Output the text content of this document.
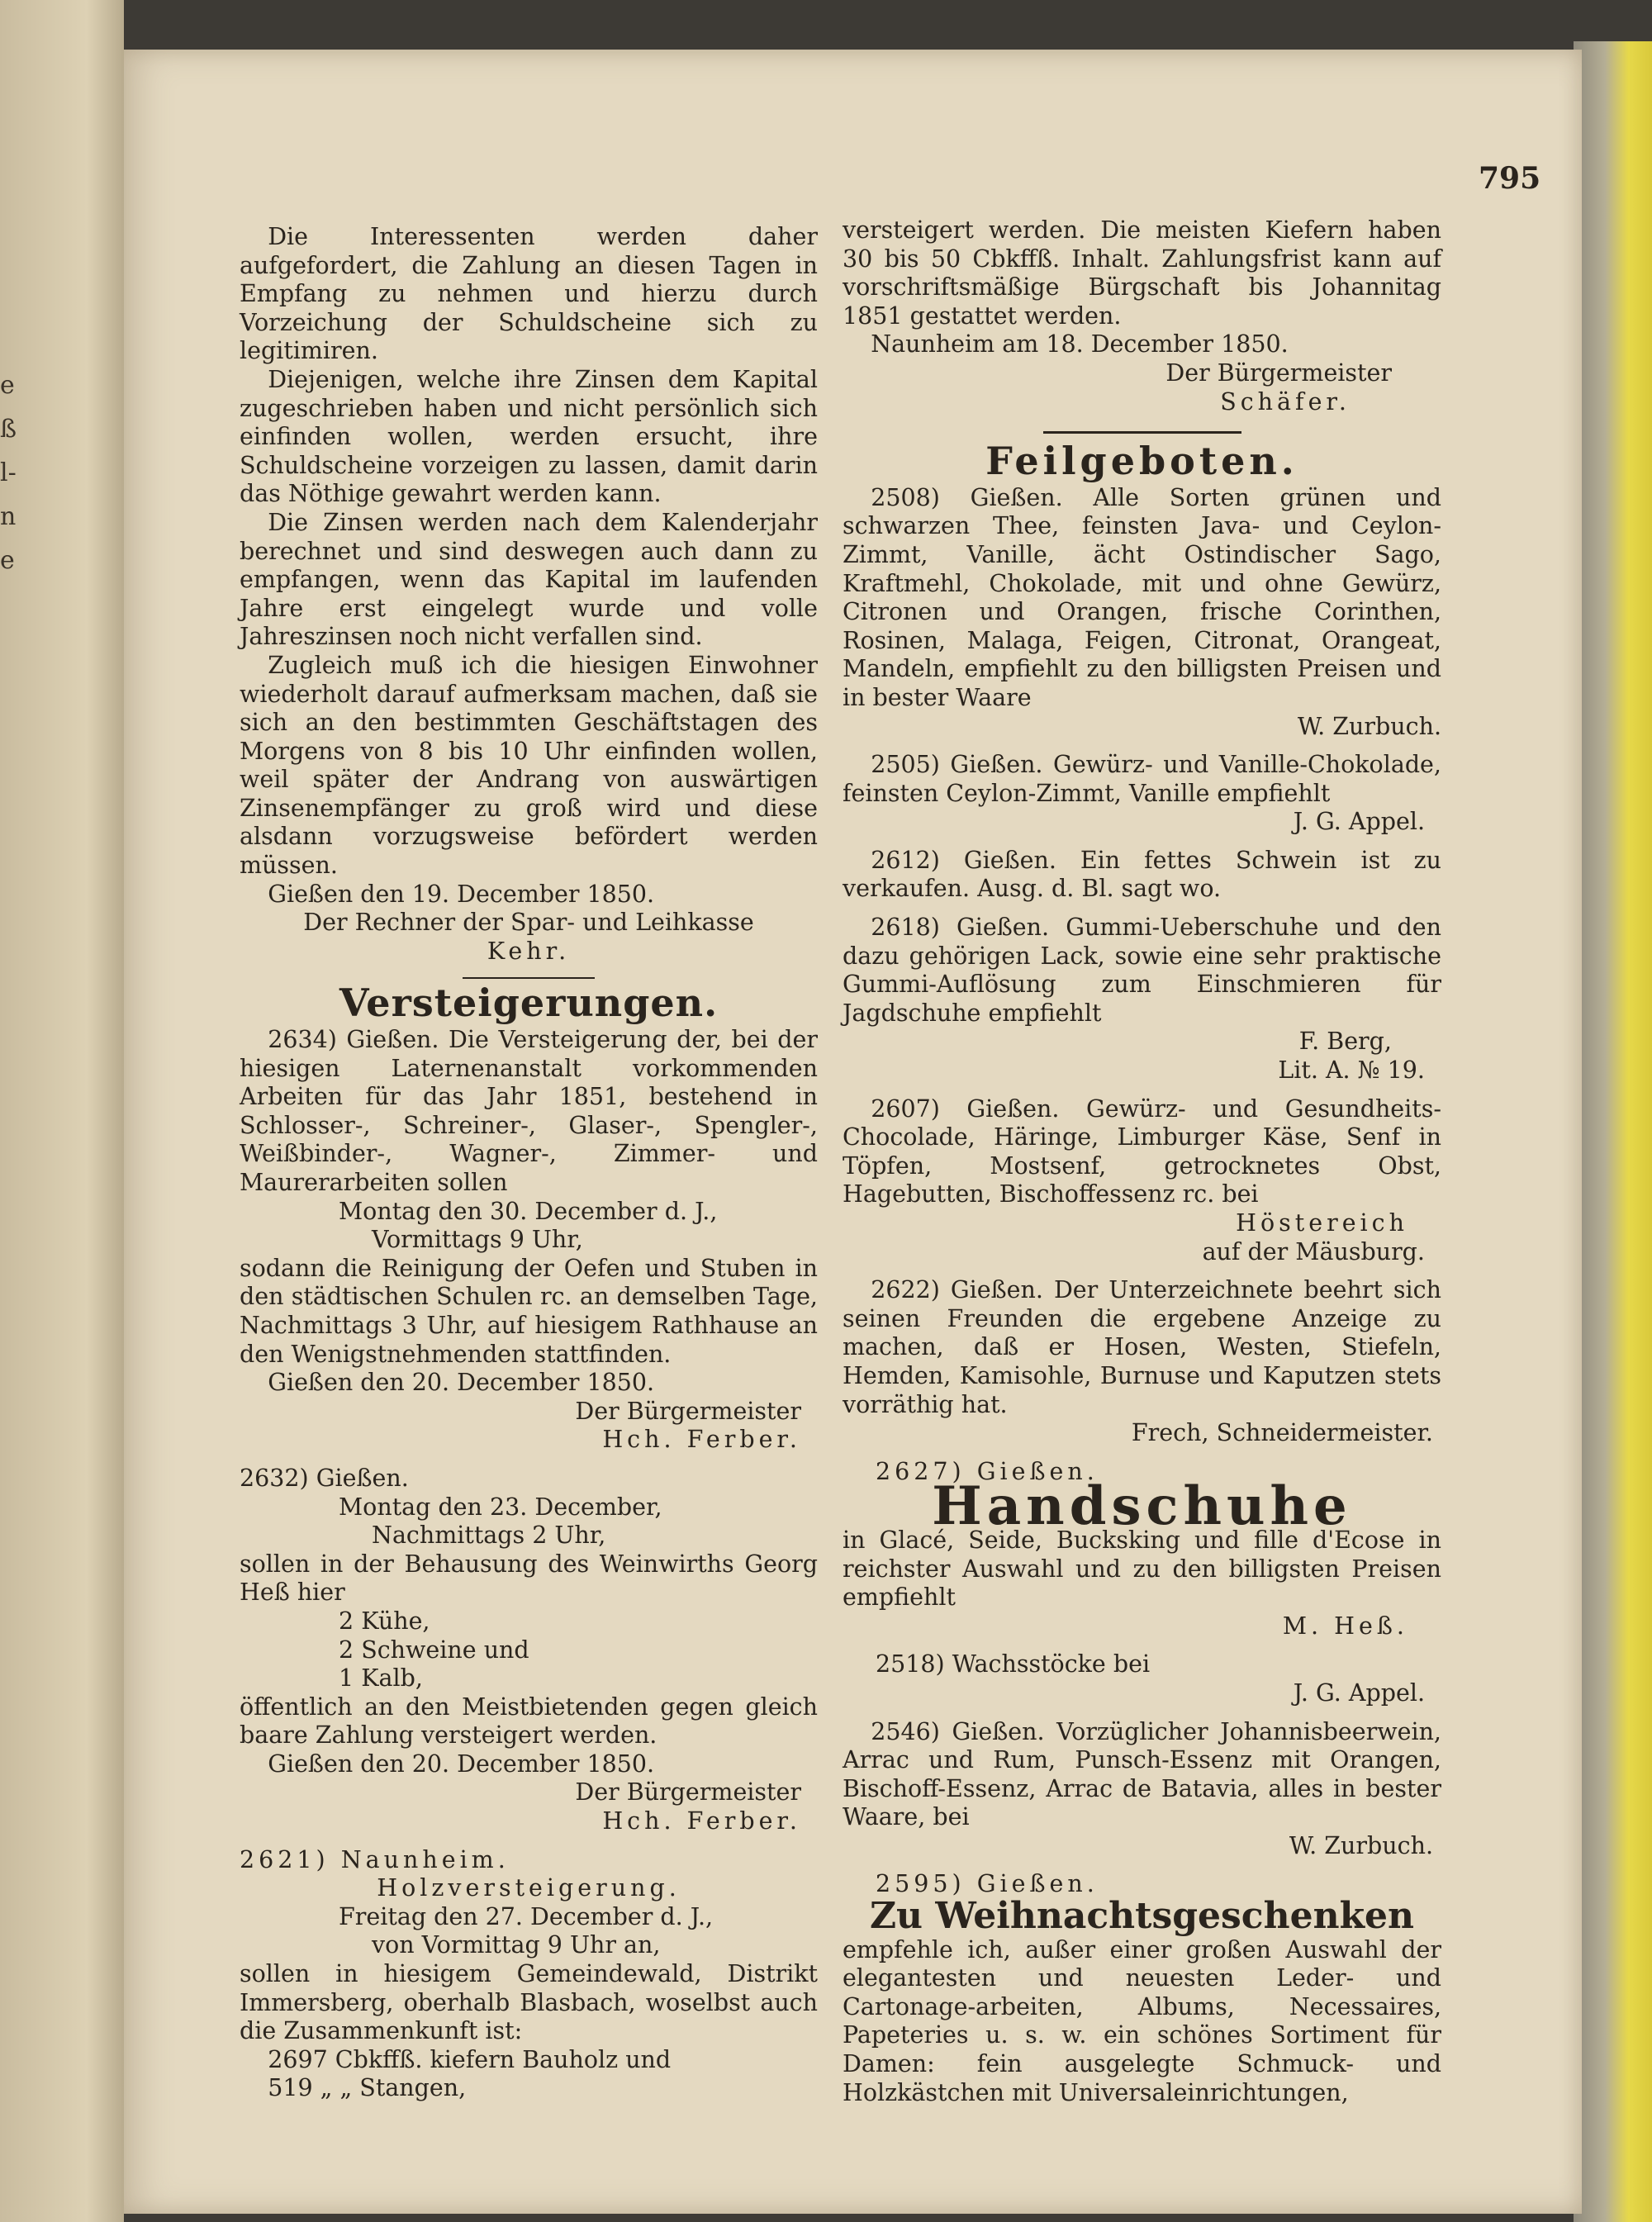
e
ß
l-
n
e
795

Die Interessenten werden daher aufgefordert, die Zahlung an diesen Tagen in Empfang zu nehmen und hierzu durch Vorzeichung der Schuldscheine sich zu legitimiren.

Diejenigen, welche ihre Zinsen dem Kapital zugeschrieben haben und nicht persönlich sich einfinden wollen, werden ersucht, ihre Schuldscheine vorzeigen zu lassen, damit darin das Nöthige gewahrt werden kann.

Die Zinsen werden nach dem Kalenderjahr berechnet und sind deswegen auch dann zu empfangen, wenn das Kapital im laufenden Jahre erst eingelegt wurde und volle Jahreszinsen noch nicht verfallen sind.

Zugleich muß ich die hiesigen Einwohner wiederholt darauf aufmerksam machen, daß sie sich an den bestimmten Geschäftstagen des Morgens von 8 bis 10 Uhr einfinden wollen, weil später der Andrang von auswärtigen Zinsenempfänger zu groß wird und diese alsdann vorzugsweise befördert werden müssen.

Gießen den 19. December 1850.

Der Rechner der Spar- und Leihkasse

Kehr.

Versteigerungen.

2634) Gießen. Die Versteigerung der, bei der hiesigen Laternenanstalt vorkommenden Arbeiten für das Jahr 1851, bestehend in Schlosser-, Schreiner-, Glaser-, Spengler-, Weißbinder-, Wagner-, Zimmer- und Maurerarbeiten sollen

Montag den 30. December d. J.,

Vormittags 9 Uhr,

sodann die Reinigung der Oefen und Stuben in den städtischen Schulen rc. an demselben Tage, Nachmittags 3 Uhr, auf hiesigem Rathhause an den Wenigstnehmenden stattfinden.

Gießen den 20. December 1850.

Der Bürgermeister

Hch. Ferber.

2632) Gießen.

Montag den 23. December,

Nachmittags 2 Uhr,

sollen in der Behausung des Weinwirths Georg Heß hier

2 Kühe,

2 Schweine und

1 Kalb,

öffentlich an den Meistbietenden gegen gleich baare Zahlung versteigert werden.

Gießen den 20. December 1850.

Der Bürgermeister

Hch. Ferber.

2621) Naunheim.

Holzversteigerung.

Freitag den 27. December d. J.,

von Vormittag 9 Uhr an,

sollen in hiesigem Gemeindewald, Distrikt Immersberg, oberhalb Blasbach, woselbst auch die Zusammenkunft ist:

2697 Cbkffß. kiefern Bauholz und

519 „ „ Stangen,

versteigert werden. Die meisten Kiefern haben 30 bis 50 Cbkffß. Inhalt. Zahlungsfrist kann auf vorschriftsmäßige Bürgschaft bis Johannitag 1851 gestattet werden.

Naunheim am 18. December 1850.

Der Bürgermeister

Schäfer.

Feilgeboten.

2508) Gießen. Alle Sorten grünen und schwarzen Thee, feinsten Java- und Ceylon-Zimmt, Vanille, ächt Ostindischer Sago, Kraftmehl, Chokolade, mit und ohne Gewürz, Citronen und Orangen, frische Corinthen, Rosinen, Malaga, Feigen, Citronat, Orangeat, Mandeln, empfiehlt zu den billigsten Preisen und in bester Waare

W. Zurbuch.

2505) Gießen. Gewürz- und Vanille-Chokolade, feinsten Ceylon-Zimmt, Vanille empfiehlt

J. G. Appel.

2612) Gießen. Ein fettes Schwein ist zu verkaufen. Ausg. d. Bl. sagt wo.

2618) Gießen. Gummi-Ueberschuhe und den dazu gehörigen Lack, sowie eine sehr praktische Gummi-Auflösung zum Einschmieren für Jagdschuhe empfiehlt

F. Berg,

Lit. A. № 19.

2607) Gießen. Gewürz- und Gesundheits-Chocolade, Häringe, Limburger Käse, Senf in Töpfen, Mostsenf, getrocknetes Obst, Hagebutten, Bischoffessenz rc. bei

Höstereich

auf der Mäusburg.

2622) Gießen. Der Unterzeichnete beehrt sich seinen Freunden die ergebene Anzeige zu machen, daß er Hosen, Westen, Stiefeln, Hemden, Kamisohle, Burnuse und Kaputzen stets vorräthig hat.

Frech, Schneidermeister.

2627) Gießen.

Handschuhe

in Glacé, Seide, Bucksking und fille d'Ecose in reichster Auswahl und zu den billigsten Preisen empfiehlt

M. Heß.

2518) Wachsstöcke bei

J. G. Appel.

2546) Gießen. Vorzüglicher Johannisbeerwein, Arrac und Rum, Punsch-Essenz mit Orangen, Bischoff-Essenz, Arrac de Batavia, alles in bester Waare, bei

W. Zurbuch.

2595) Gießen.

Zu Weihnachtsgeschenken

empfehle ich, außer einer großen Auswahl der elegantesten und neuesten Leder- und Cartonage-arbeiten, Albums, Necessaires, Papeteries u. s. w. ein schönes Sortiment für Damen: fein ausgelegte Schmuck- und Holzkästchen mit Universaleinrichtungen,
